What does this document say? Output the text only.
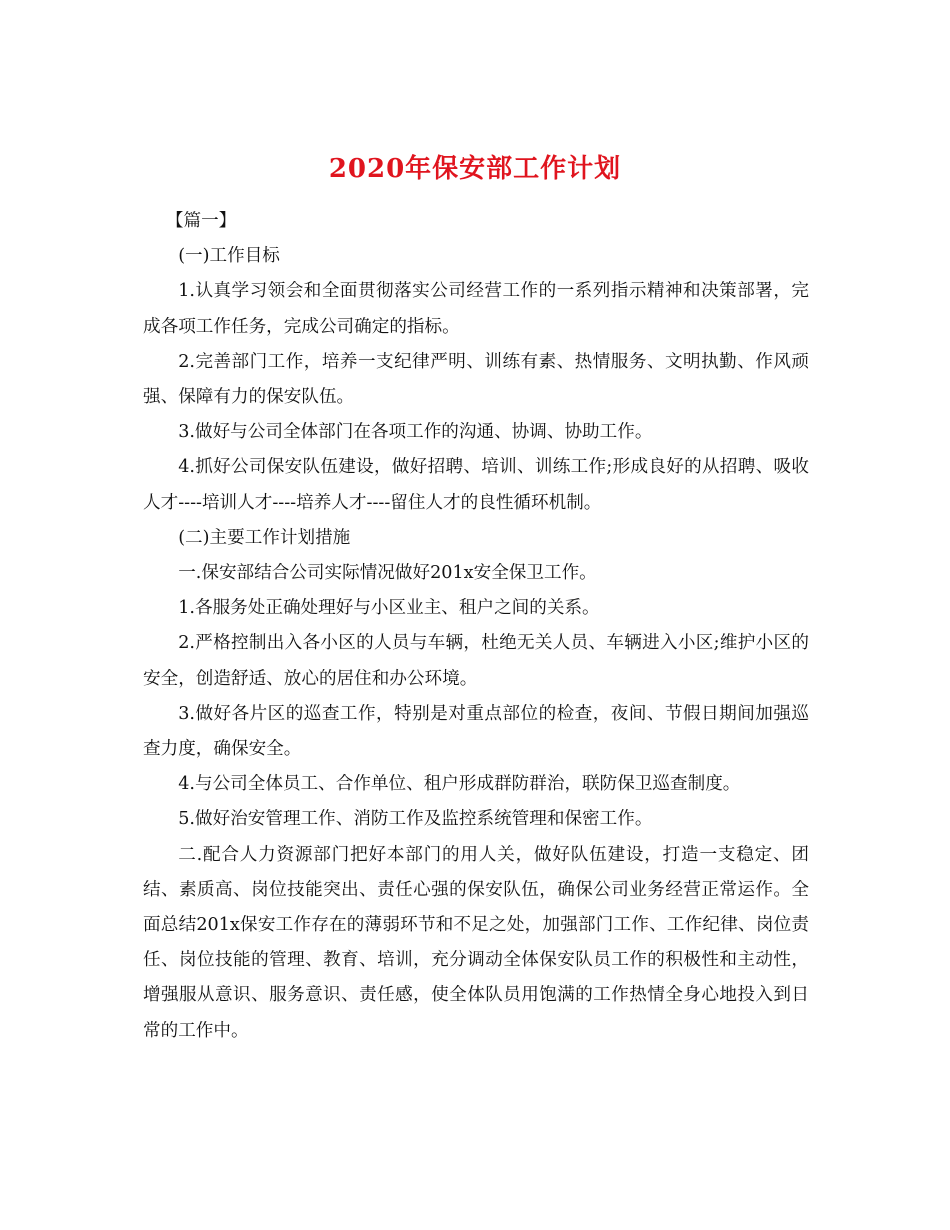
2020年保安部工作计划

【篇一】

(一)工作目标

1.认真学习领会和全面贯彻落实公司经营工作的一系列指示精神和决策部署，完成各项工作任务，完成公司确定的指标。

2.完善部门工作，培养一支纪律严明、训练有素、热情服务、文明执勤、作风顽强、保障有力的保安队伍。

3.做好与公司全体部门在各项工作的沟通、协调、协助工作。

4.抓好公司保安队伍建设，做好招聘、培训、训练工作;形成良好的从招聘、吸收人才----培训人才----培养人才----留住人才的良性循环机制。

(二)主要工作计划措施

一.保安部结合公司实际情况做好201x安全保卫工作。

1.各服务处正确处理好与小区业主、租户之间的关系。

2.严格控制出入各小区的人员与车辆，杜绝无关人员、车辆进入小区;维护小区的安全，创造舒适、放心的居住和办公环境。

3.做好各片区的巡查工作，特别是对重点部位的检查，夜间、节假日期间加强巡查力度，确保安全。

4.与公司全体员工、合作单位、租户形成群防群治，联防保卫巡查制度。

5.做好治安管理工作、消防工作及监控系统管理和保密工作。

二.配合人力资源部门把好本部门的用人关，做好队伍建设，打造一支稳定、团结、素质高、岗位技能突出、责任心强的保安队伍，确保公司业务经营正常运作。全面总结201x保安工作存在的薄弱环节和不足之处，加强部门工作、工作纪律、岗位责任、岗位技能的管理、教育、培训，充分调动全体保安队员工作的积极性和主动性，增强服从意识、服务意识、责任感，使全体队员用饱满的工作热情全身心地投入到日常的工作中。
